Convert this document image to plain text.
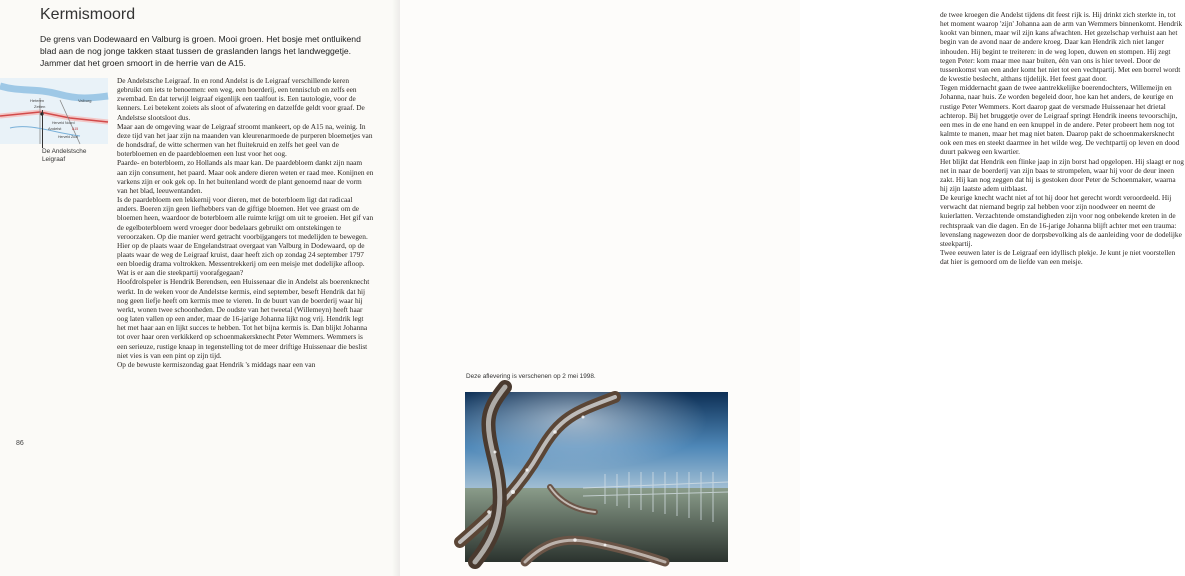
Kermismoord

De grens van Dodewaard en Valburg is groen. Mooi groen. Het bosje met ontluikend blad aan de nog jonge takken staat tussen de graslanden langs het landweggetje. Jammer dat het groen smoort in de herrie van de A15.

Heteren	Valburg
Zetten
Andelst
Herveld Noord
Herveld Zuid
A15
De Andelstsche
Leigraaf

De Andelstsche Leigraaf. In en rond Andelst is de Leigraaf verschillende keren gebruikt om iets te benoemen: een weg, een boerderij, een tennisclub en zelfs een zwembad. En dat terwijl leigraaf eigenlijk een taalfout is. Een tautologie, voor de kenners. Lei betekent zoiets als sloot of afwatering en datzelfde geldt voor graaf. De Andelstse slootsloot dus.

Maar aan de omgeving waar de Leigraaf stroomt mankeert, op de A15 na, weinig. In deze tijd van het jaar zijn na maanden van kleurenarmoede de purperen bloemetjes van de hondsdraf, de witte schermen van het fluitekruid en zelfs het geel van de boterbloemen en de paardebloemen een lust voor het oog.

Paarde- en boterbloem, zo Hollands als maar kan. De paardebloem dankt zijn naam aan zijn consument, het paard. Maar ook andere dieren weten er raad mee. Konijnen en varkens zijn er ook gek op. In het buitenland wordt de plant genoemd naar de vorm van het blad, leeuwentanden.

Is de paardebloem een lekkernij voor dieren, met de boterbloem ligt dat radicaal anders. Boeren zijn geen liefhebbers van de giftige bloemen. Het vee graast om de bloemen heen, waardoor de boterbloem alle ruimte krijgt om uit te groeien. Het gif van de egelboterbloem werd vroeger door bedelaars gebruikt om ontstekingen te veroorzaken. Op die manier werd getracht voorbijgangers tot medelijden te bewegen.

Hier op de plaats waar de Engelandstraat overgaat van Valburg in Dodewaard, op de plaats waar de weg de Leigraaf kruist, daar heeft zich op zondag 24 september 1797 een bloedig drama voltrokken. Messentrekkerij om een meisje met dodelijke afloop.

Wat is er aan die steekpartij voorafgegaan?

Hoofdrolspeler is Hendrik Berendsen, een Huissenaar die in Andelst als boerenknecht werkt. In de weken voor de Andelstse kermis, eind september, beseft Hendrik dat hij nog geen liefje heeft om kermis mee te vieren. In de buurt van de boerderij waar hij werkt, wonen twee schoonheden. De oudste van het tweetal (Willemeyn) heeft haar oog laten vallen op een ander, maar de 16-jarige Johanna lijkt nog vrij. Hendrik legt het met haar aan en lijkt succes te hebben. Tot het bijna kermis is. Dan blijkt Johanna tot over haar oren verkikkerd op schoenmakersknecht Peter Wemmers. Wemmers is een serieuze, rustige knaap in tegenstelling tot de meer driftige Huissenaar die beslist niet vies is van een pint op zijn tijd.

Op de bewuste kermiszondag gaat Hendrik 's middags naar een van

86

de twee kroegen die Andelst tijdens dit feest rijk is. Hij drinkt zich sterkte in, tot het moment waarop 'zijn' Johanna aan de arm van Wemmers binnenkomt. Hendrik kookt van binnen, maar wil zijn kans afwachten. Het gezelschap verhuist aan het begin van de avond naar de andere kroeg. Daar kan Hendrik zich niet langer inhouden. Hij begint te treiteren: in de weg lopen, duwen en stompen. Hij zegt tegen Peter: kom maar mee naar buiten, één van ons is hier teveel. Door de tussenkomst van een ander komt het niet tot een vechtpartij. Met een borrel wordt de kwestie beslecht, althans tijdelijk. Het feest gaat door.

Tegen middernacht gaan de twee aantrekkelijke boerendochters, Willemeijn en Johanna, naar huis. Ze worden begeleid door, hoe kan het anders, de keurige en rustige Peter Wemmers. Kort daarop gaat de versmade Huissenaar het drietal achterop. Bij het bruggetje over de Leigraaf springt Hendrik ineens tevoorschijn, een mes in de ene hand en een knuppel in de andere. Peter probeert hem nog tot kalmte te manen, maar het mag niet baten. Daarop pakt de schoenmakersknecht ook een mes en steekt daarmee in het wilde weg. De vechtpartij op leven en dood duurt pakweg een kwartier.

Het blijkt dat Hendrik een flinke jaap in zijn borst had opgelopen. Hij slaagt er nog net in naar de boerderij van zijn baas te strompelen, waar hij voor de deur ineen zakt. Hij kan nog zeggen dat hij is gestoken door Peter de Schoenmaker, waarna hij zijn laatste adem uitblaast.

De keurige knecht wacht niet af tot hij door het gerecht wordt veroordeeld. Hij verwacht dat niemand begrip zal hebben voor zijn noodweer en neemt de kuierlatten. Verzachtende omstandigheden zijn voor nog onbekende kreten in de rechtspraak van die dagen. En de 16-jarige Johanna blijft achter met een trauma: levenslang nagewezen door de dorpsbevolking als de aanleiding voor de dodelijke steekpartij.

Twee eeuwen later is de Leigraaf een idyllisch plekje. Je kunt je niet voorstellen dat hier is gemoord om de liefde van een meisje.

Deze aflevering is verschenen op 2 mei 1998.
